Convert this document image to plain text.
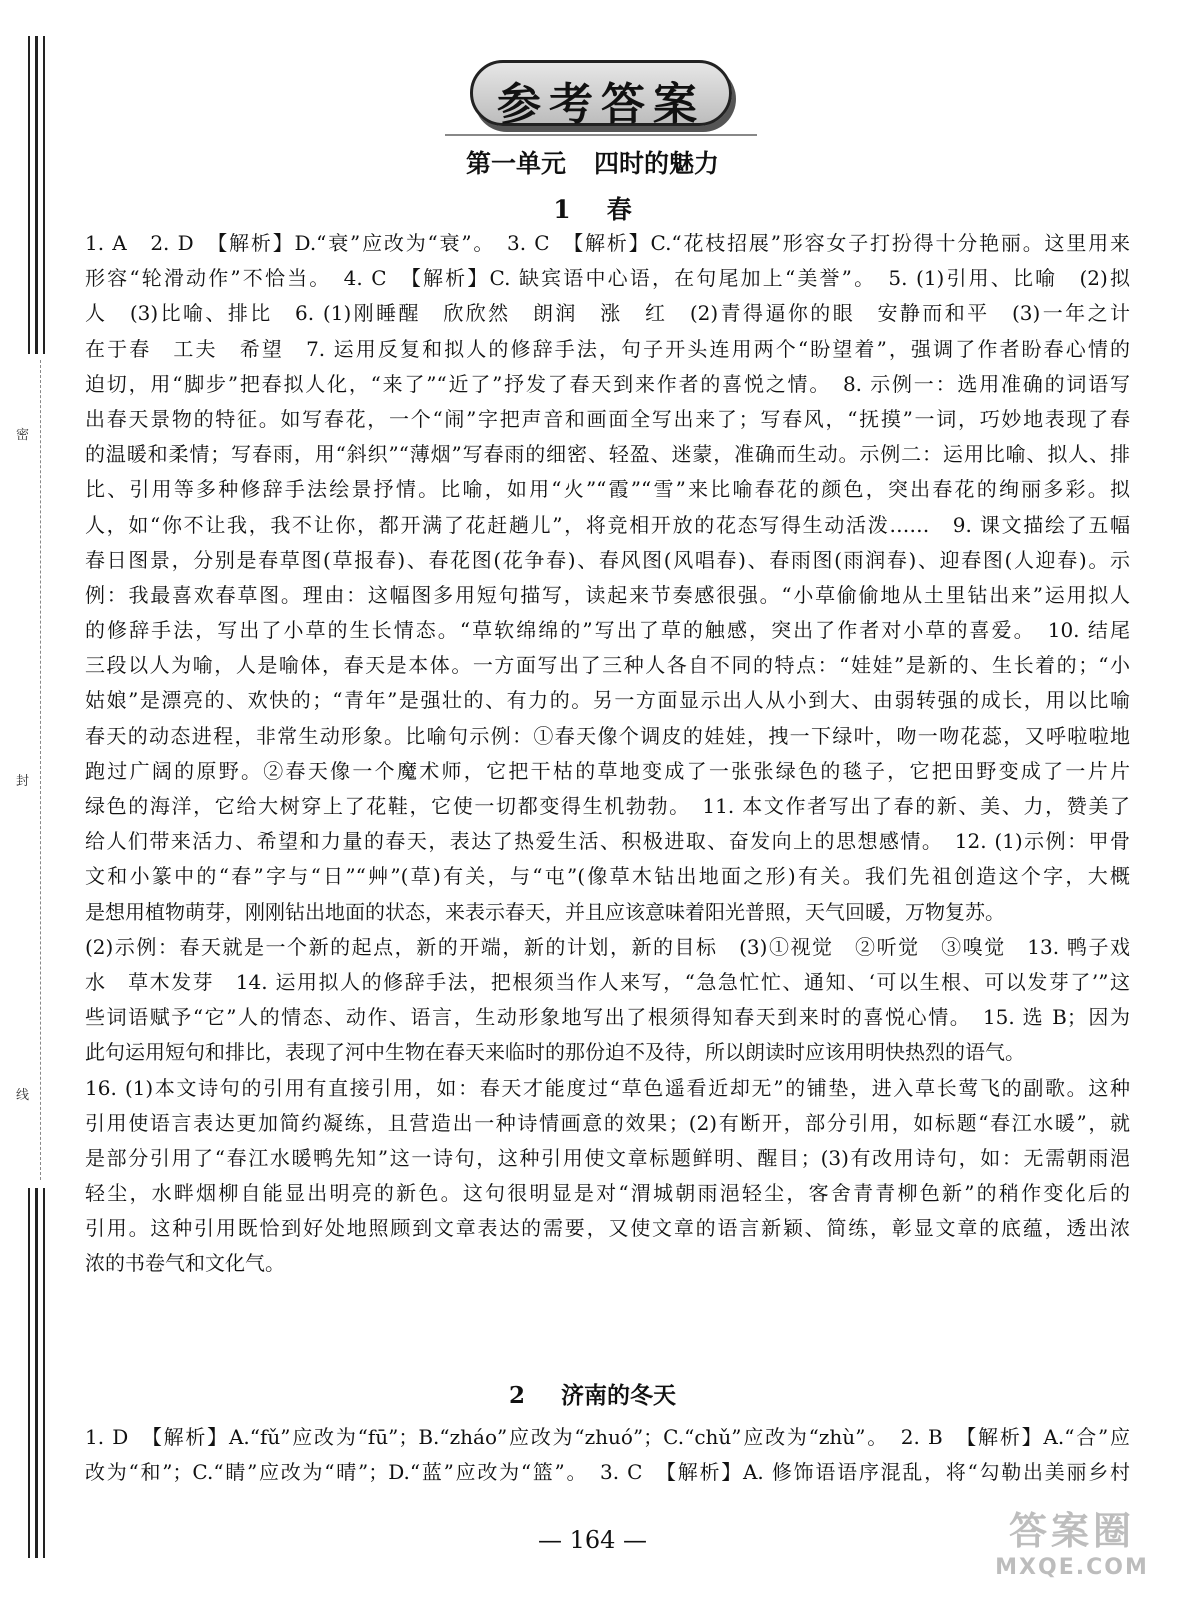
密
封
线
参考答案
第一单元 四时的魅力
1 春
1. A　2. D　【解析】D.“衰”应改为“衰”。　3. C　【解析】C.“花枝招展”形容女子打扮得十分艳丽。这里用来
形容“轮滑动作”不恰当。　4. C　【解析】C. 缺宾语中心语，在句尾加上“美誉”。　5. (1)引用、比喻　(2)拟
人　(3)比喻、排比　6. (1)刚睡醒　欣欣然　朗润　涨　红　(2)青得逼你的眼　安静而和平　(3)一年之计
在于春　工夫　希望　7. 运用反复和拟人的修辞手法，句子开头连用两个“盼望着”，强调了作者盼春心情的
迫切，用“脚步”把春拟人化，“来了”“近了”抒发了春天到来作者的喜悦之情。　8. 示例一：选用准确的词语写
出春天景物的特征。如写春花，一个“闹”字把声音和画面全写出来了；写春风，“抚摸”一词，巧妙地表现了春
的温暖和柔情；写春雨，用“斜织”“薄烟”写春雨的细密、轻盈、迷蒙，准确而生动。示例二：运用比喻、拟人、排
比、引用等多种修辞手法绘景抒情。比喻，如用“火”“霞”“雪”来比喻春花的颜色，突出春花的绚丽多彩。拟
人，如“你不让我，我不让你，都开满了花赶趟儿”，将竞相开放的花态写得生动活泼……　9. 课文描绘了五幅
春日图景，分别是春草图(草报春)、春花图(花争春)、春风图(风唱春)、春雨图(雨润春)、迎春图(人迎春)。示
例：我最喜欢春草图。理由：这幅图多用短句描写，读起来节奏感很强。“小草偷偷地从土里钻出来”运用拟人
的修辞手法，写出了小草的生长情态。“草软绵绵的”写出了草的触感，突出了作者对小草的喜爱。　10. 结尾
三段以人为喻，人是喻体，春天是本体。一方面写出了三种人各自不同的特点：“娃娃”是新的、生长着的；“小
姑娘”是漂亮的、欢快的；“青年”是强壮的、有力的。另一方面显示出人从小到大、由弱转强的成长，用以比喻
春天的动态进程，非常生动形象。比喻句示例：①春天像个调皮的娃娃，拽一下绿叶，吻一吻花蕊，又呼啦啦地
跑过广阔的原野。②春天像一个魔术师，它把干枯的草地变成了一张张绿色的毯子，它把田野变成了一片片
绿色的海洋，它给大树穿上了花鞋，它使一切都变得生机勃勃。　11. 本文作者写出了春的新、美、力，赞美了
给人们带来活力、希望和力量的春天，表达了热爱生活、积极进取、奋发向上的思想感情。　12. (1)示例：甲骨
文和小篆中的“春”字与“日”“艸”(草)有关，与“屯”(像草木钻出地面之形)有关。我们先祖创造这个字，大概
是想用植物萌芽，刚刚钻出地面的状态，来表示春天，并且应该意味着阳光普照，天气回暖，万物复苏。
(2)示例：春天就是一个新的起点，新的开端，新的计划，新的目标　(3)①视觉　②听觉　③嗅觉　13. 鸭子戏
水　草木发芽　14. 运用拟人的修辞手法，把根须当作人来写，“急急忙忙、通知、‘可以生根、可以发芽了’”这
些词语赋予“它”人的情态、动作、语言，生动形象地写出了根须得知春天到来时的喜悦心情。　15. 选 B；因为
此句运用短句和排比，表现了河中生物在春天来临时的那份迫不及待，所以朗读时应该用明快热烈的语气。
16. (1)本文诗句的引用有直接引用，如：春天才能度过“草色遥看近却无”的铺垫，进入草长莺飞的副歌。这种
引用使语言表达更加简约凝练，且营造出一种诗情画意的效果；(2)有断开，部分引用，如标题“春江水暖”，就
是部分引用了“春江水暖鸭先知”这一诗句，这种引用使文章标题鲜明、醒目；(3)有改用诗句，如：无需朝雨浥
轻尘，水畔烟柳自能显出明亮的新色。这句很明显是对“渭城朝雨浥轻尘，客舍青青柳色新”的稍作变化后的
引用。这种引用既恰到好处地照顾到文章表达的需要，又使文章的语言新颖、简练，彰显文章的底蕴，透出浓
浓的书卷气和文化气。
2 济南的冬天
1. D　【解析】A.“fǔ”应改为“fū”；B.“zháo”应改为“zhuó”；C.“chǔ”应改为“zhù”。　2. B　【解析】A.“合”应
改为“和”；C.“睛”应改为“晴”；D.“蓝”应改为“篮”。　3. C　【解析】A. 修饰语语序混乱，将“勾勒出美丽乡村
— 164 —	答案圈
MXQE.COM
